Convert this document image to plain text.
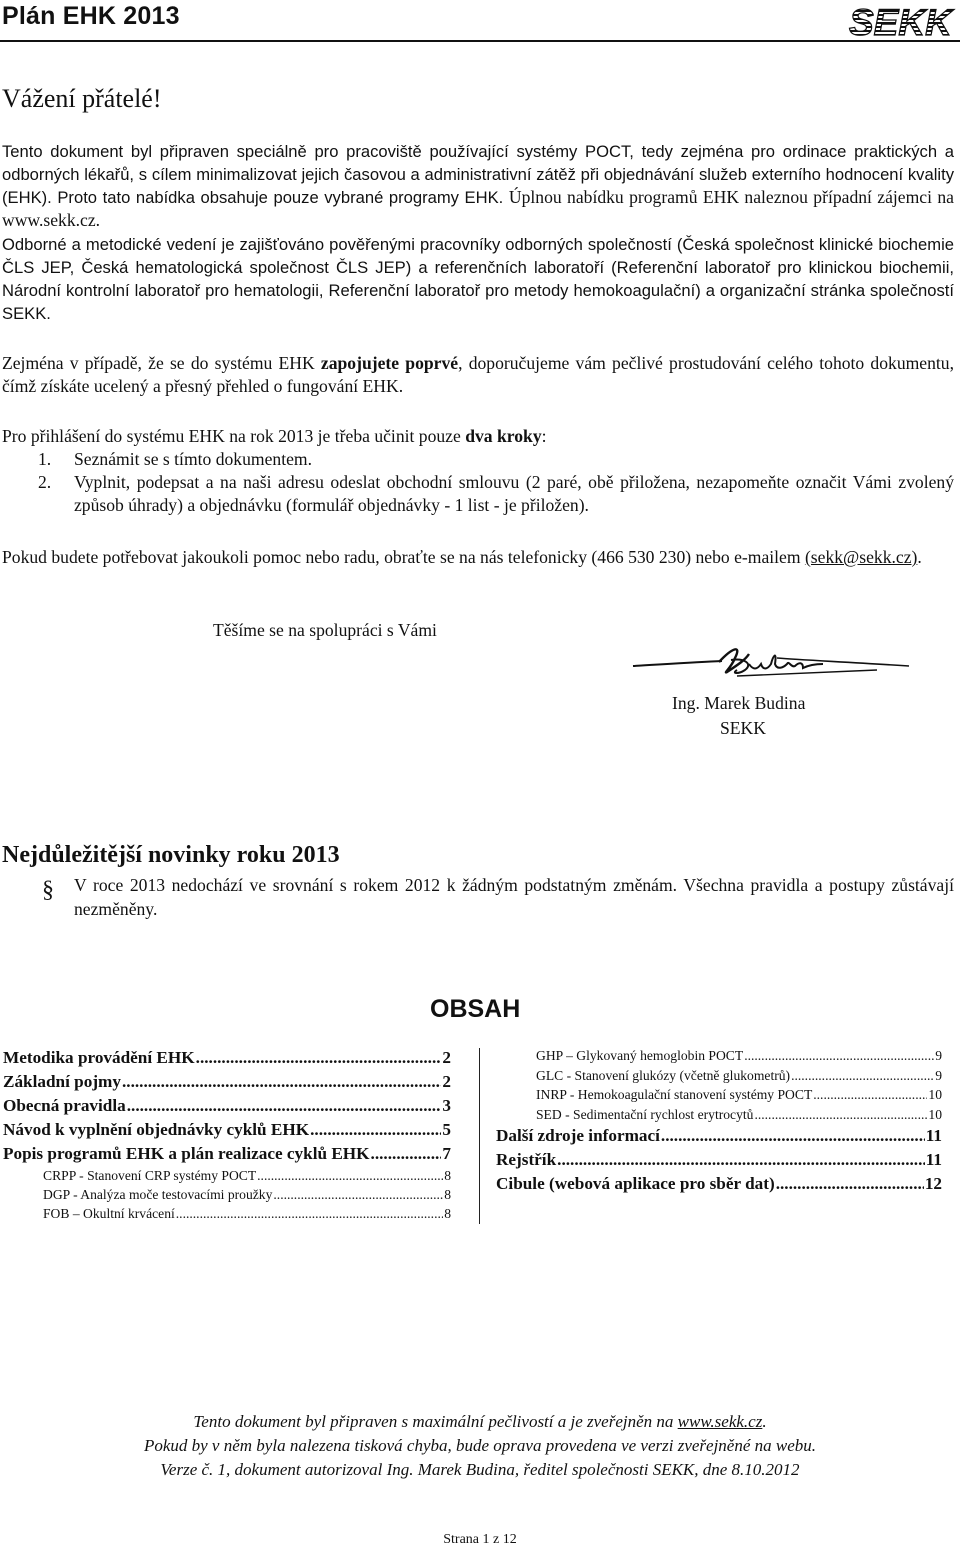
Plán EHK 2013	SEKK
Vážení přátelé!
Tento dokument byl připraven speciálně pro pracoviště používající systémy POCT, tedy zejména pro ordinace praktických a odborných lékařů, s cílem minimalizovat jejich časovou a administrativní zátěž při objednávání služeb externího hodnocení kvality (EHK). Proto tato nabídka obsahuje pouze vybrané programy EHK. Úplnou nabídku programů EHK naleznou případní zájemci na www.sekk.cz.
Odborné a metodické vedení je zajišťováno pověřenými pracovníky odborných společností (Česká společnost klinické biochemie ČLS JEP, Česká hematologická společnost ČLS JEP) a referenčních laboratoří (Referenční laboratoř pro klinickou biochemii, Národní kontrolní laboratoř pro hematologii, Referenční laboratoř pro metody hemokoagulační) a organizační stránka společností SEKK.
Zejména v případě, že se do systému EHK zapojujete poprvé, doporučujeme vám pečlivé prostudování celého tohoto dokumentu, čímž získáte ucelený a přesný přehled o fungování EHK.
Pro přihlášení do systému EHK na rok 2013 je třeba učinit pouze dva kroky:
1. Seznámit se s tímto dokumentem.
2. Vyplnit, podepsat a na naši adresu odeslat obchodní smlouvu (2 paré, obě přiložena, nezapomeňte označit Vámi zvolený způsob úhrady) a objednávku (formulář objednávky - 1 list - je přiložen).
Pokud budete potřebovat jakoukoli pomoc nebo radu, obraťte se na nás telefonicky (466 530 230) nebo e-mailem (sekk@sekk.cz).
Těšíme se na spolupráci s Vámi
Ing. Marek Budina
SEKK
Nejdůležitější novinky roku 2013
§ V roce 2013 nedochází ve srovnání s rokem 2012 k žádným podstatným změnám. Všechna pravidla a postupy zůstávají nezměněny.
OBSAH
Metodika provádění EHK .....	2
Základní pojmy .....	2
Obecná pravidla .....	3
Návod k vyplnění objednávky cyklů EHK .....	5
Popis programů EHK a plán realizace cyklů EHK .....	7
CRPP - Stanovení CRP systémy POCT .....	8
DGP - Analýza moče testovacími proužky .....	8
FOB – Okultní krvácení .....	8
GHP – Glykovaný hemoglobin POCT .....	9
GLC - Stanovení glukózy (včetně glukometrů) .....	9
INRP - Hemokoagulační stanovení systémy POCT .....	10
SED - Sedimentační rychlost erytrocytů .....	10
Další zdroje informací .....	11
Rejstřík .....	11
Cibule (webová aplikace pro sběr dat) .....	12
Tento dokument byl připraven s maximální pečlivostí a je zveřejněn na www.sekk.cz.
Pokud by v něm byla nalezena tisková chyba, bude oprava provedena ve verzi zveřejněné na webu.
Verze č. 1, dokument autorizoval Ing. Marek Budina, ředitel společnosti SEKK, dne 8.10.2012
Strana 1 z 12
